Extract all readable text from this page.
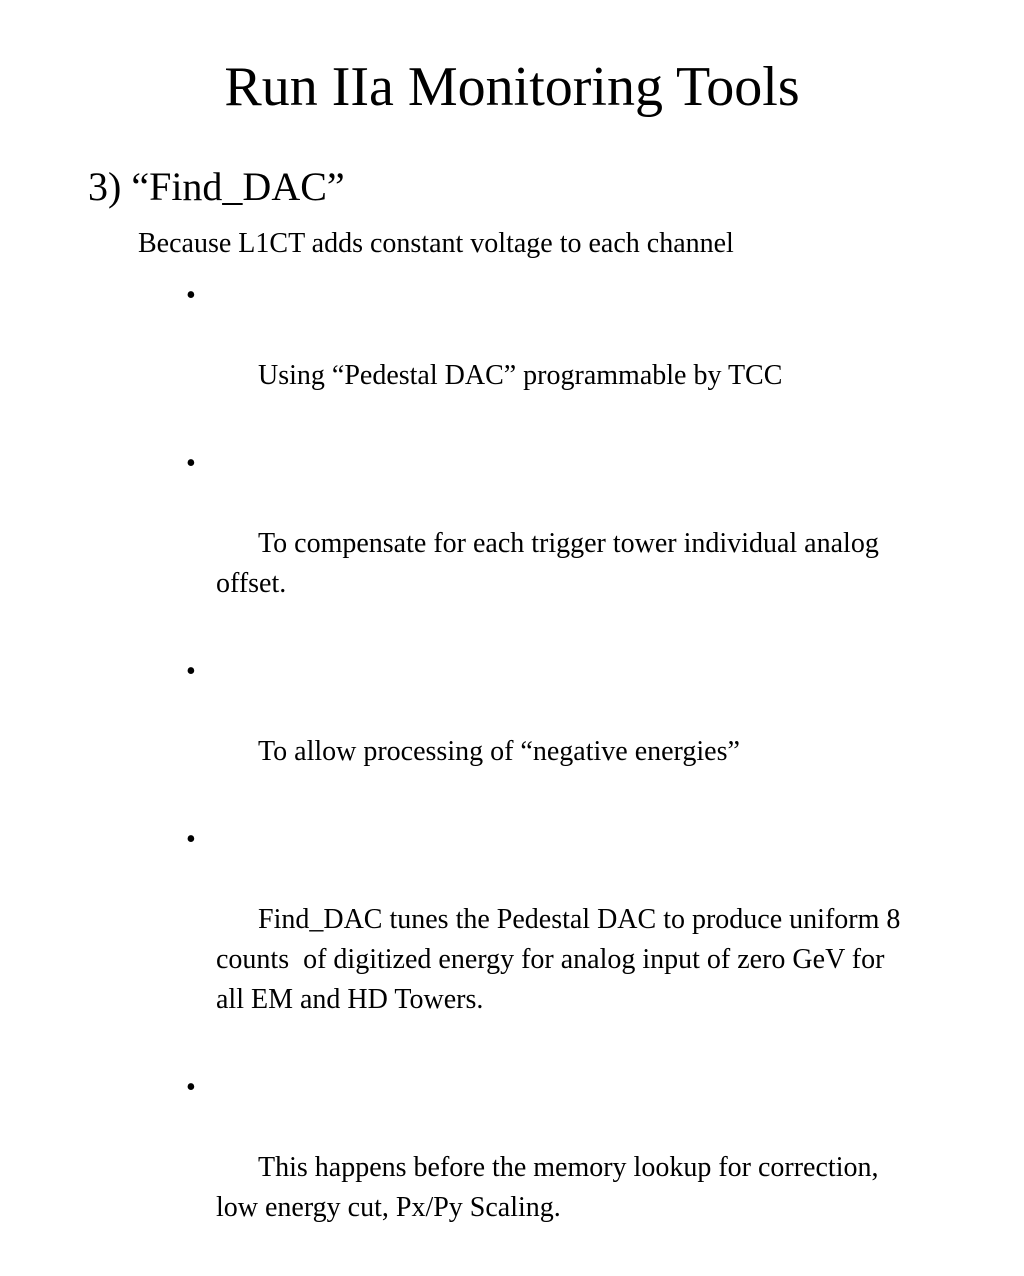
Run IIa Monitoring Tools
3) “Find_DAC”
Because L1CT adds constant voltage to each channel

•

Using “Pedestal DAC” programmable by TCC

•

To compensate for each trigger tower individual analog offset.

•

To allow processing of “negative energies”

•

Find_DAC tunes the Pedestal DAC to produce uniform 8 counts  of digitized energy for analog input of zero GeV for all EM and HD Towers.

•

This happens before the memory lookup for correction, low energy cut, Px/Py Scaling.
